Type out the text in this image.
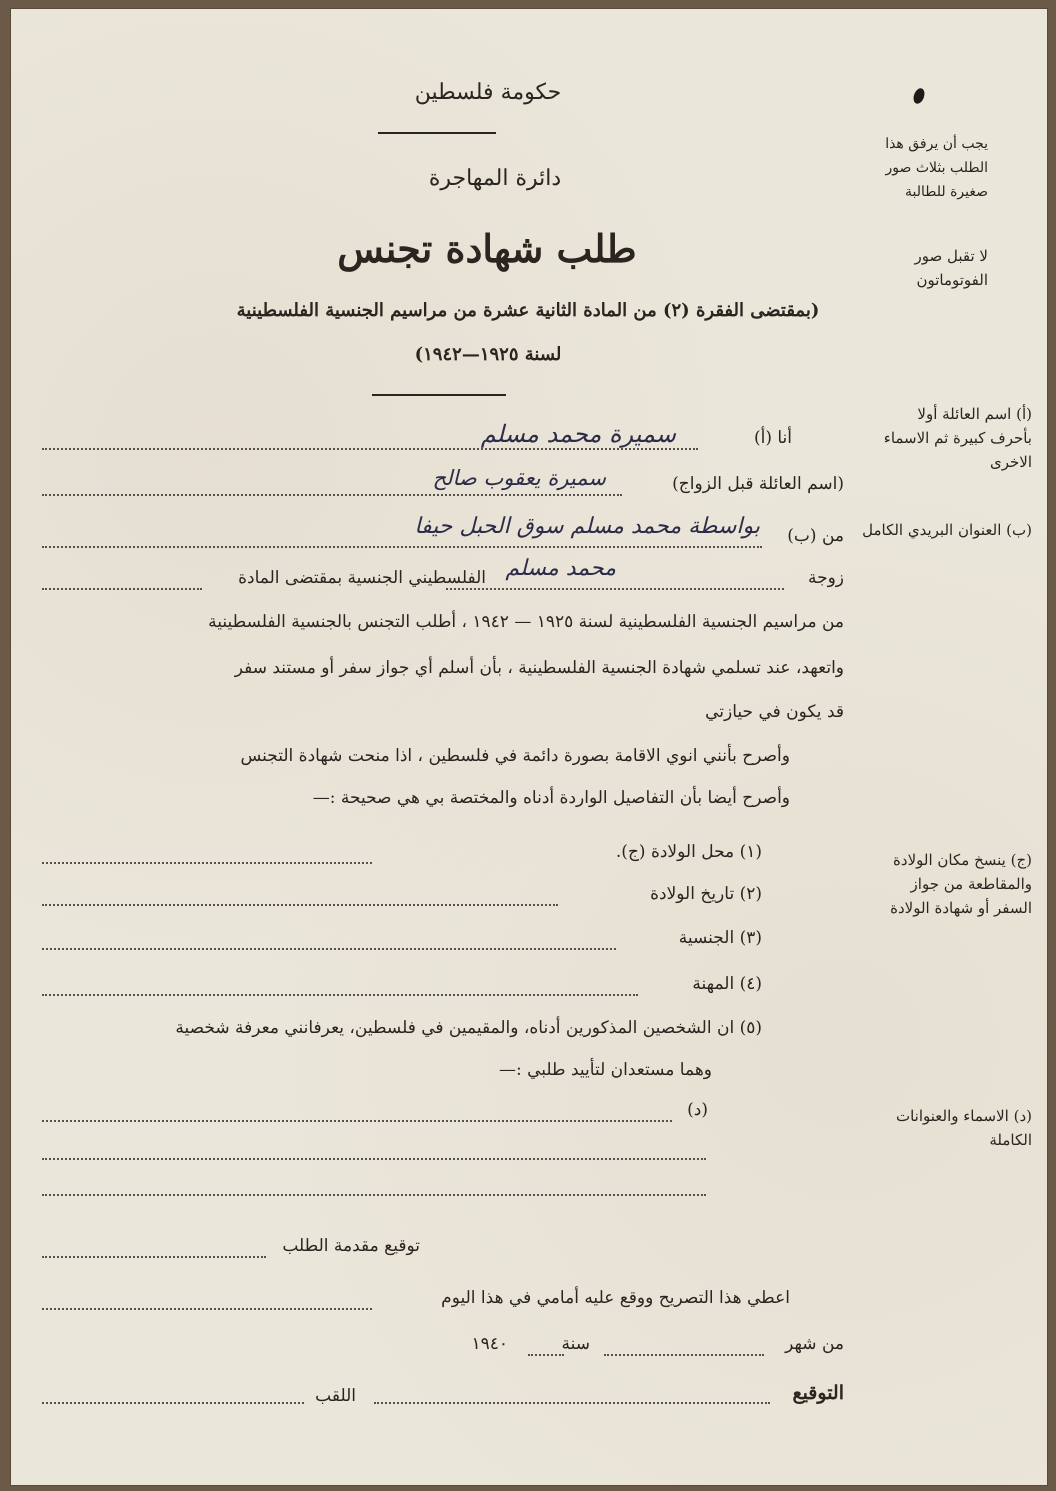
حكومة فلسطين
دائرة المهاجرة
طلب شهادة تجنس
(بمقتضى الفقرة (٢) من المادة الثانية عشرة من مراسيم الجنسية الفلسطينية
لسنة ١٩٢٥—١٩٤٢)
يجب أن يرفق هذا الطلب بثلاث صور صغيرة للطالبة
لا تقبل صور الفوتوماتون
(أ) اسم العائلة أولا بأحرف كبيرة ثم الاسماء الاخرى
(ب) العنوان البريدي الكامل
(ج) ينسخ مكان الولادة والمقاطعة من جواز السفر أو شهادة الولادة
(د) الاسماء والعنوانات الكاملة
أنا (أ)
سميرة محمد مسلم
(اسم العائلة قبل الزواج)
سميرة يعقوب صالح
من (ب)
بواسطة محمد مسلم سوق الحبل حيفا
زوجة
محمد مسلم
الفلسطيني الجنسية بمقتضى المادة
من مراسيم الجنسية الفلسطينية لسنة ١٩٢٥ — ١٩٤٢ ، أطلب التجنس بالجنسية الفلسطينية
واتعهد، عند تسلمي شهادة الجنسية الفلسطينية ، بأن أسلم أي جواز سفر أو مستند سفر
قد يكون في حيازتي
وأصرح بأنني انوي الاقامة بصورة دائمة في فلسطين ، اذا منحت شهادة التجنس
وأصرح أيضا بأن التفاصيل الواردة أدناه والمختصة بي هي صحيحة :—
(١) محل الولادة (ج).
(٢) تاريخ الولادة
(٣) الجنسية
(٤) المهنة
(٥) ان الشخصين المذكورين أدناه، والمقيمين في فلسطين، يعرفانني معرفة شخصية
وهما مستعدان لتأييد طلبي :—
(د)
توقيع مقدمة الطلب
اعطي هذا التصريح ووقع عليه أمامي في هذا اليوم
من شهر
سنة
١٩٤٠
التوقيع
اللقب
